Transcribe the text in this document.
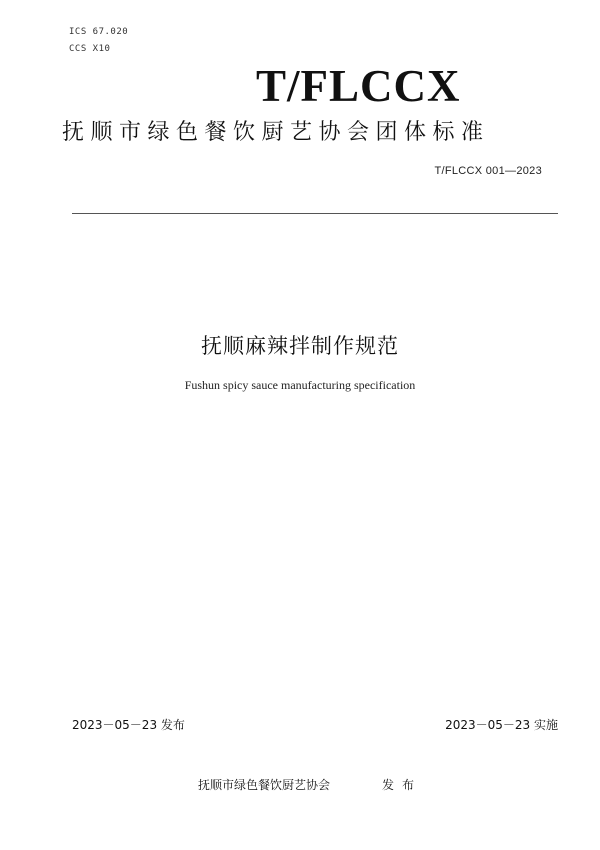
ICS 67.020
CCS X10
T/FLCCX
抚顺市绿色餐饮厨艺协会团体标准
T/FLCCX 001—2023
抚顺麻辣拌制作规范
Fushun spicy sauce manufacturing specification
2023－05－23 发布	2023－05－23 实施
抚顺市绿色餐饮厨艺协会	发布
